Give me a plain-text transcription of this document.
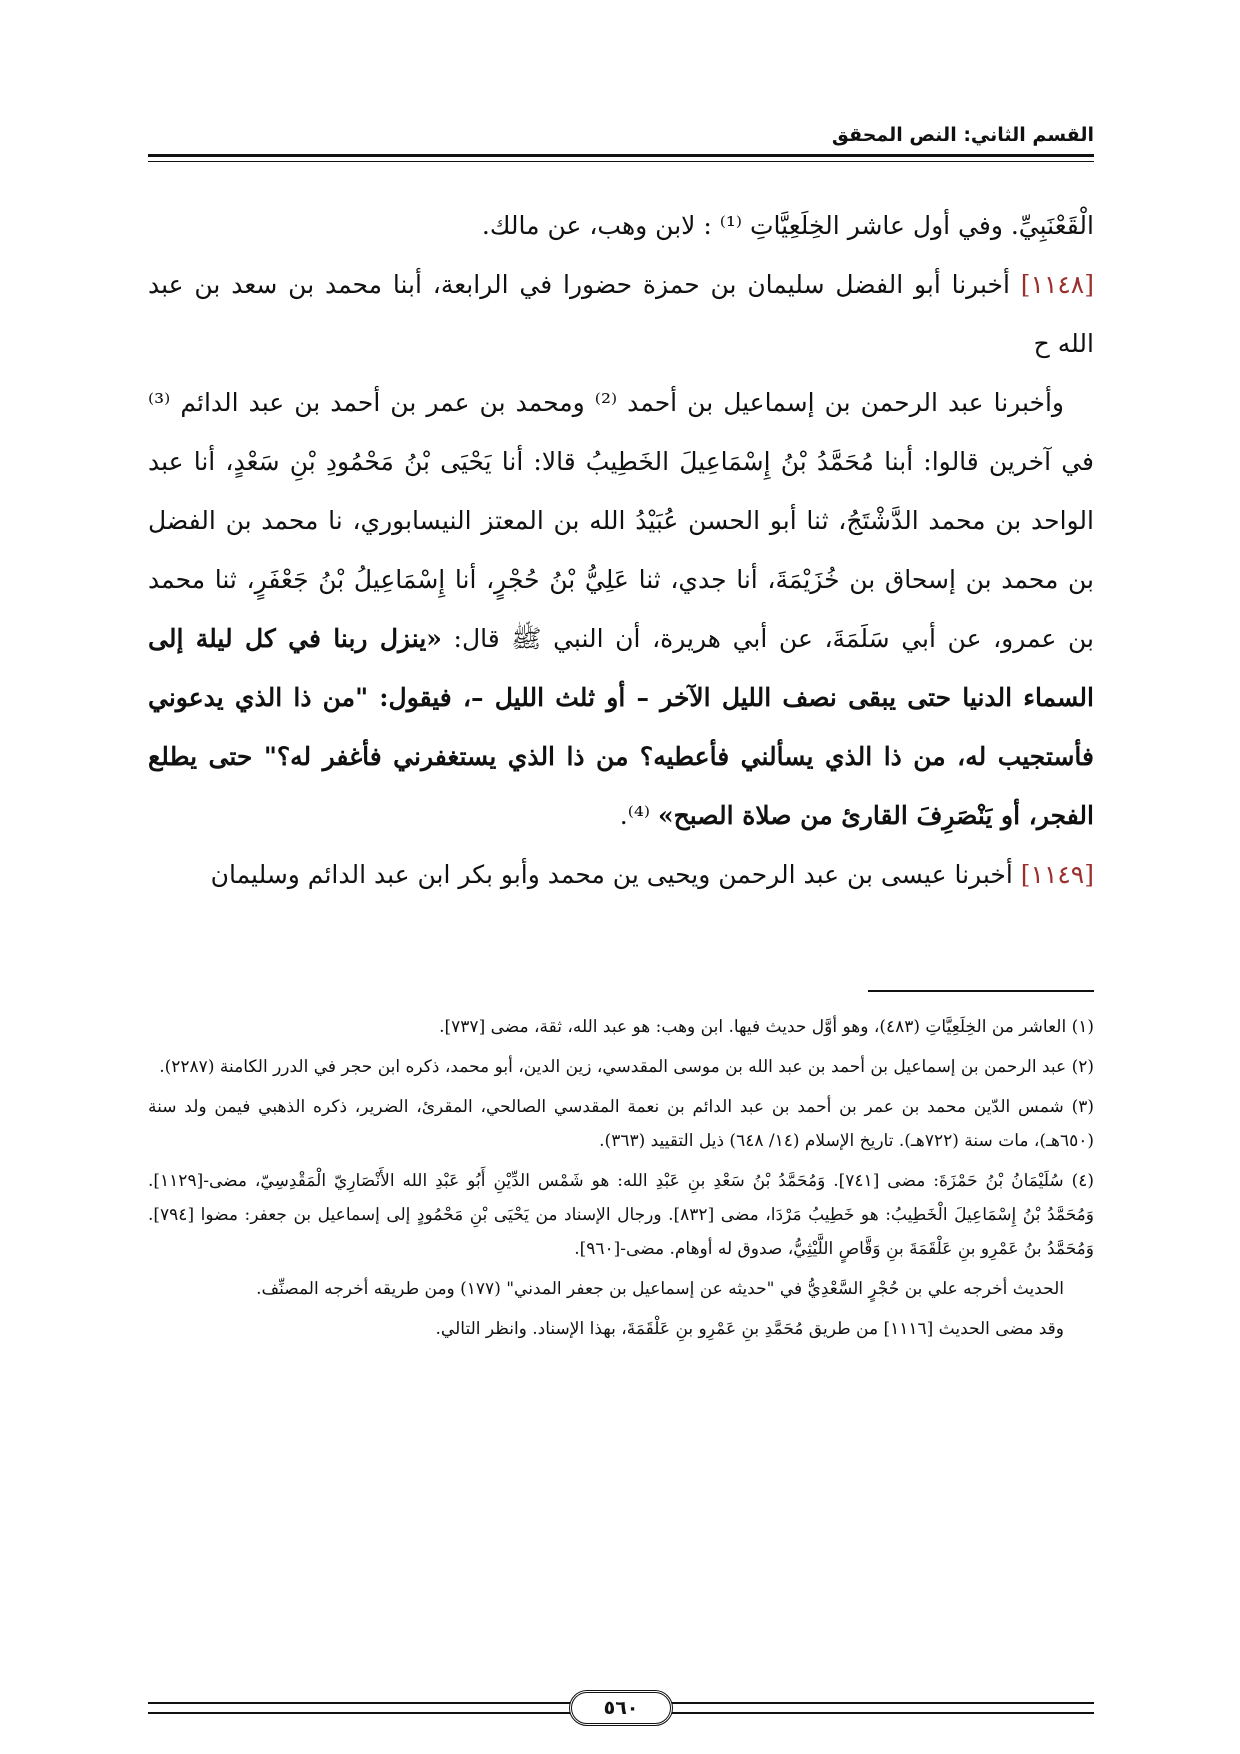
القسم الثاني: النص المحقق

الْقَعْنَبِيِّ. وفي أول عاشر الخِلَعِيَّاتِ ⁽¹⁾ : لابن وهب، عن مالك.

[١١٤٨] أخبرنا أبو الفضل سليمان بن حمزة حضورا في الرابعة، أبنا محمد بن سعد بن عبد الله ح

وأخبرنا عبد الرحمن بن إسماعيل بن أحمد ⁽²⁾ ومحمد بن عمر بن أحمد بن عبد الدائم ⁽³⁾ في آخرين قالوا: أبنا مُحَمَّدُ بْنُ إِسْمَاعِيلَ الخَطِيبُ قالا: أنا يَحْيَى بْنُ مَحْمُودِ بْنِ سَعْدٍ، أنا عبد الواحد بن محمد الدَّشْتَجُ، ثنا أبو الحسن عُبَيْدُ الله بن المعتز النيسابوري، نا محمد بن الفضل بن محمد بن إسحاق بن خُزَيْمَةَ، أنا جدي، ثنا عَلِيُّ بْنُ حُجْرٍ، أنا إِسْمَاعِيلُ بْنُ جَعْفَرٍ، ثنا محمد بن عمرو، عن أبي سَلَمَةَ، عن أبي هريرة، أن النبي ﷺ قال: «ينزل ربنا في كل ليلة إلى السماء الدنيا حتى يبقى نصف الليل الآخر – أو ثلث الليل –، فيقول: "من ذا الذي يدعوني فأستجيب له، من ذا الذي يسألني فأعطيه؟ من ذا الذي يستغفرني فأغفر له؟" حتى يطلع الفجر، أو يَنْصَرِفَ القارئ من صلاة الصبح» ⁽⁴⁾.

[١١٤٩] أخبرنا عيسى بن عبد الرحمن ويحيى ين محمد وأبو بكر ابن عبد الدائم وسليمان

(١) العاشر من الخِلَعِيَّاتِ (٤٨٣)، وهو أوَّل حديث فيها. ابن وهب: هو عبد الله، ثقة، مضى [٧٣٧].

(٢) عبد الرحمن بن إسماعيل بن أحمد بن عبد الله بن موسى المقدسي، زين الدين، أبو محمد، ذكره ابن حجر في الدرر الكامنة (٢٢٨٧).

(٣) شمس الدّين محمد بن عمر بن أحمد بن عبد الدائم بن نعمة المقدسي الصالحي، المقرئ، الضرير، ذكره الذهبي فيمن ولد سنة (٦٥٠هـ)، مات سنة (٧٢٢هـ). تاريخ الإسلام (١٤/ ٦٤٨) ذيل التقييد (٣٦٣).

(٤) سُلَيْمَانُ بْنُ حَمْزَةَ: مضى [٧٤١]. وَمُحَمَّدُ بْنُ سَعْدِ بنِ عَبْدِ الله: هو شَمْس الدِّيْنِ أَبُو عَبْدِ الله الأَنْصَارِيّ الْمَقْدِسِيّ، مضى-[١١٢٩]. وَمُحَمَّدُ بْنُ إِسْمَاعِيلَ الْخَطِيبُ: هو خَطِيبُ مَرْدَا، مضى [٨٣٢]. ورجال الإسناد من يَحْيَى بْنِ مَحْمُودٍ إلى إسماعيل بن جعفر: مضوا [٧٩٤]. وَمُحَمَّدُ بنُ عَمْرِو بنِ عَلْقَمَةَ بنِ وَقَّاصٍ اللَّيْثِيُّ، صدوق له أوهام. مضى-[٩٦٠].

الحديث أخرجه علي بن حُجْرٍ السَّعْدِيُّ في "حديثه عن إسماعيل بن جعفر المدني" (١٧٧) ومن طريقه أخرجه المصنِّف.

وقد مضى الحديث [١١١٦] من طريق مُحَمَّدِ بنِ عَمْرِو بنِ عَلْقَمَةَ، بهذا الإسناد. وانظر التالي.

٥٦٠
